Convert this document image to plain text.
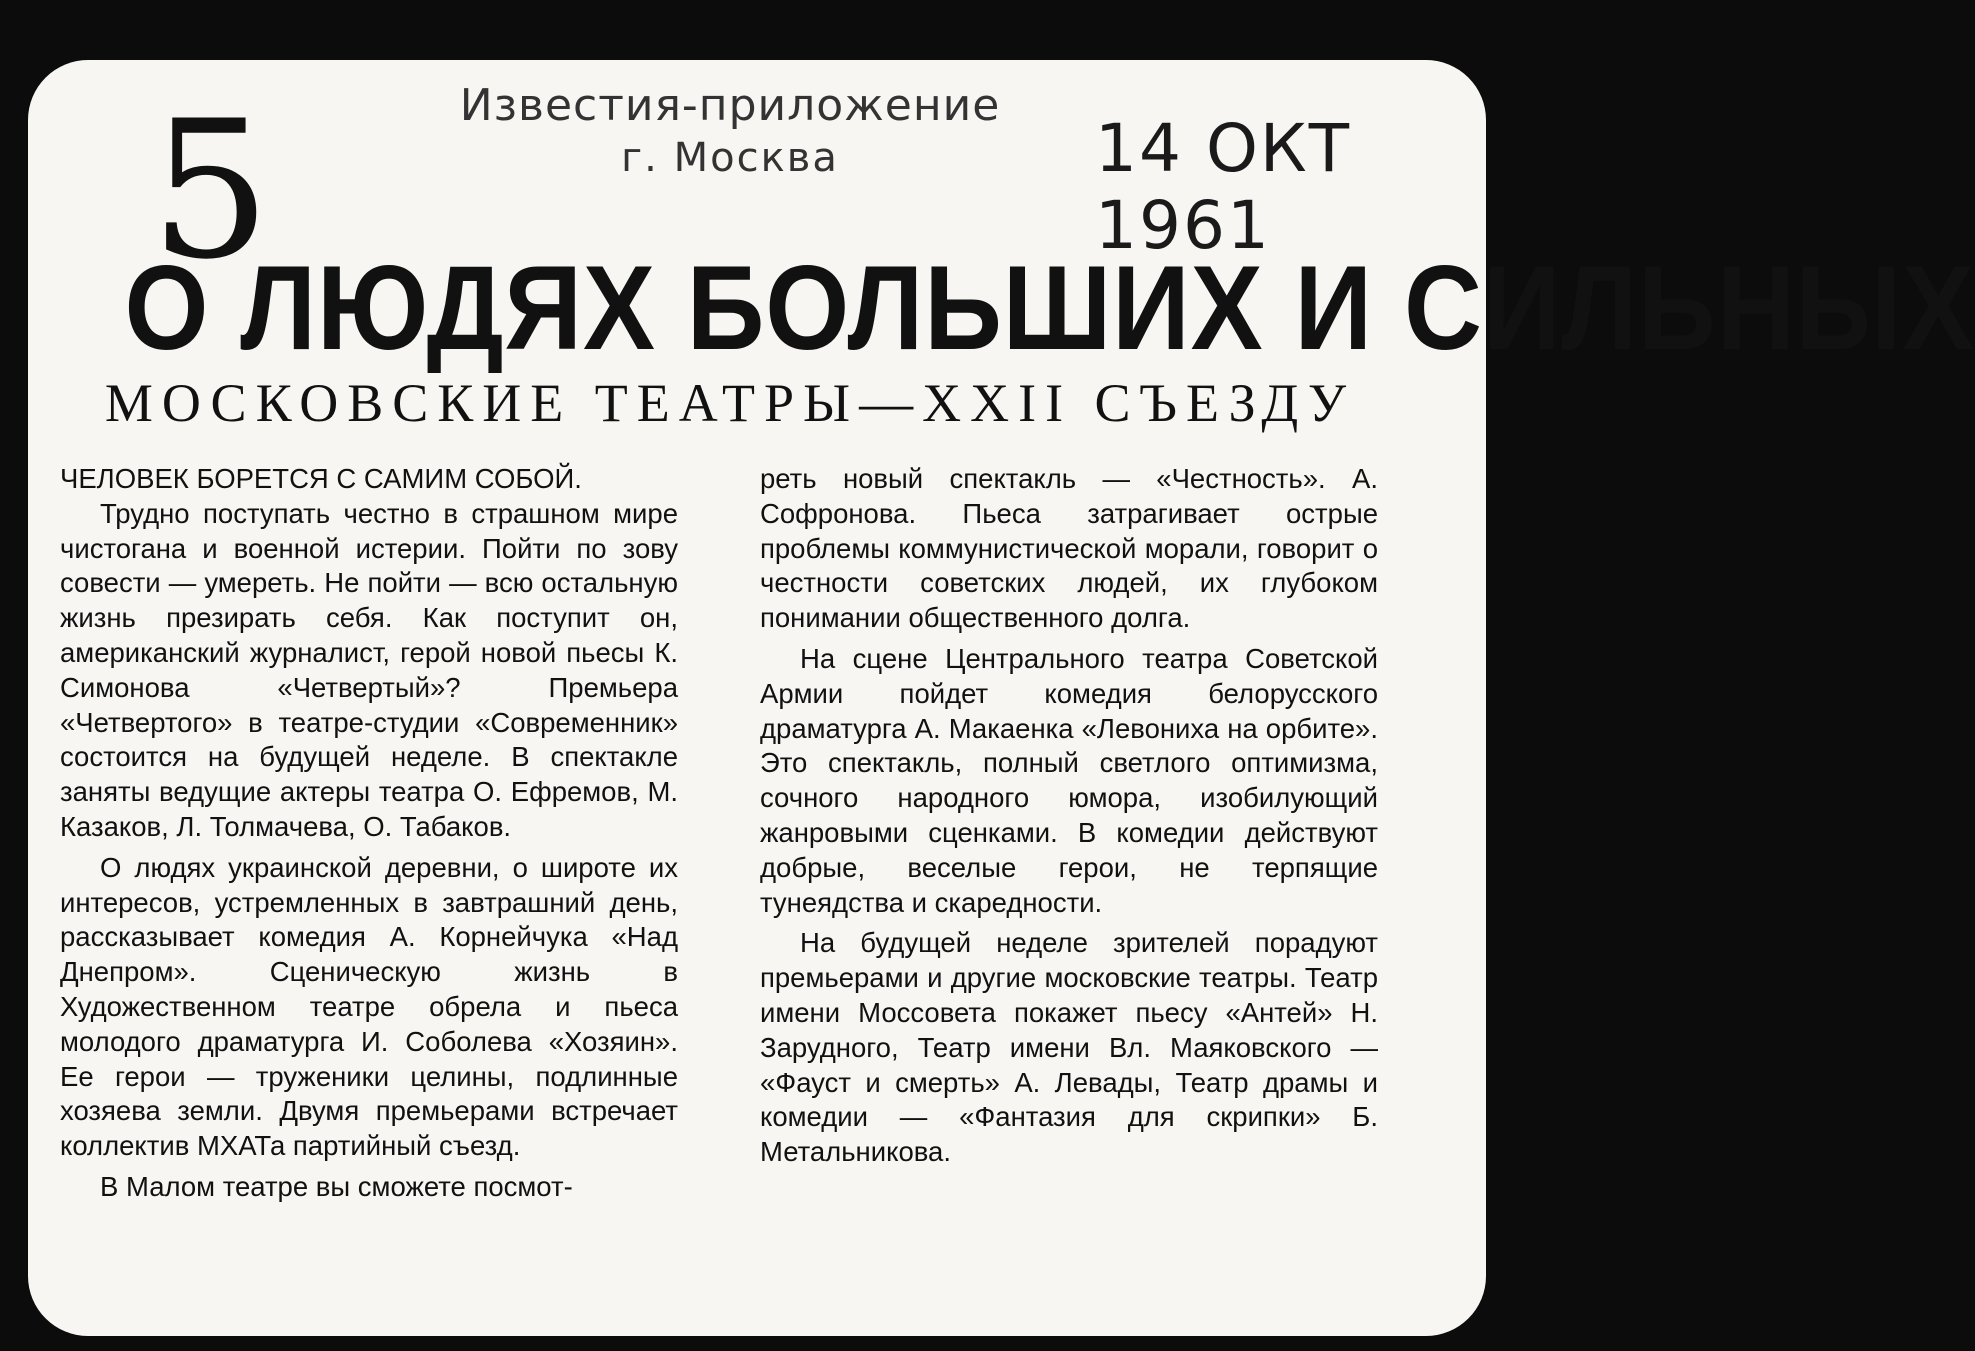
5	Известия-приложение
г. Москва	14 ОКТ 1961
О ЛЮДЯХ БОЛЬШИХ И СИЛЬНЫХ
МОСКОВСКИЕ ТЕАТРЫ—XXII СЪЕЗДУ

ЧЕЛОВЕК БОРЕТСЯ С САМИМ СОБОЙ.

Трудно поступать честно в страшном мире чистогана и военной истерии. Пойти по зову совести — умереть. Не пойти — всю остальную жизнь презирать себя. Как поступит он, американский журналист, герой новой пьесы К. Симонова «Четвертый»? Премьера «Четвертого» в театре-студии «Современник» состоится на будущей неделе. В спектакле заняты ведущие актеры театра О. Ефремов, М. Казаков, Л. Толмачева, О. Табаков.

О людях украинской деревни, о широте их интересов, устремленных в завтрашний день, рассказывает комедия А. Корнейчука «Над Днепром». Сценическую жизнь в Художественном театре обрела и пьеса молодого драматурга И. Соболева «Хозяин». Ее герои — труженики целины, подлинные хозяева земли. Двумя премьерами встречает коллектив МХАТа партийный съезд.

В Малом театре вы сможете посмот-

реть новый спектакль — «Честность». А. Софронова. Пьеса затрагивает острые проблемы коммунистической морали, говорит о честности советских людей, их глубоком понимании общественного долга.

На сцене Центрального театра Советской Армии пойдет комедия белорусского драматурга А. Макаенка «Левониха на орбите». Это спектакль, полный светлого оптимизма, сочного народного юмора, изобилующий жанровыми сценками. В комедии действуют добрые, веселые герои, не терпящие тунеядства и скаредности.

На будущей неделе зрителей порадуют премьерами и другие московские театры. Театр имени Моссовета покажет пьесу «Антей» Н. Зарудного, Театр имени Вл. Маяковского — «Фауст и смерть» А. Левады, Театр драмы и комедии — «Фантазия для скрипки» Б. Метальникова.
